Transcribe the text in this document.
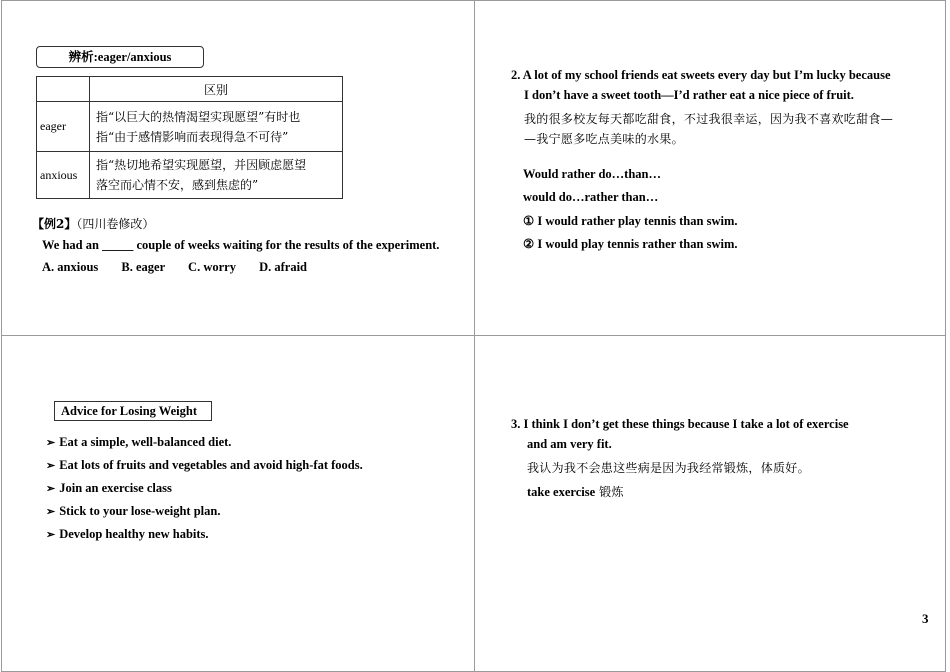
辨析:eager/anxious
	区别
eager	指“以巨大的热情渴望实现愿望”有时也
指“由于感情影响而表现得急不可待”

anxious	指“热切地希望实现愿望，并因顾虑愿望
落空而心情不安，感到焦虑的”
【例2】（四川卷修改）
We had an _____ couple of weeks waiting for the results of the experiment.
A. anxious B. eager C. worry D. afraid
2. A lot of my school friends eat sweets every day but I’m lucky because
I don’t have a sweet tooth—I’d rather eat a nice piece of fruit.
我的很多校友每天都吃甜食，不过我很幸运，因为我不喜欢吃甜食—
—我宁愿多吃点美味的水果。
Would rather do…than…
would do…rather than…
① I would rather play tennis than swim.
② I would play tennis rather than swim.
Advice for Losing Weight
➢ Eat a simple, well-balanced diet.
➢ Eat lots of fruits and vegetables and avoid high-fat foods.
➢ Join an exercise class
➢ Stick to your lose-weight plan.
➢ Develop healthy new habits.
3. I think I don’t get these things because I take a lot of exercise
and am very fit.
我认为我不会患这些病是因为我经常锻炼，体质好。
take exercise 锻炼
3
